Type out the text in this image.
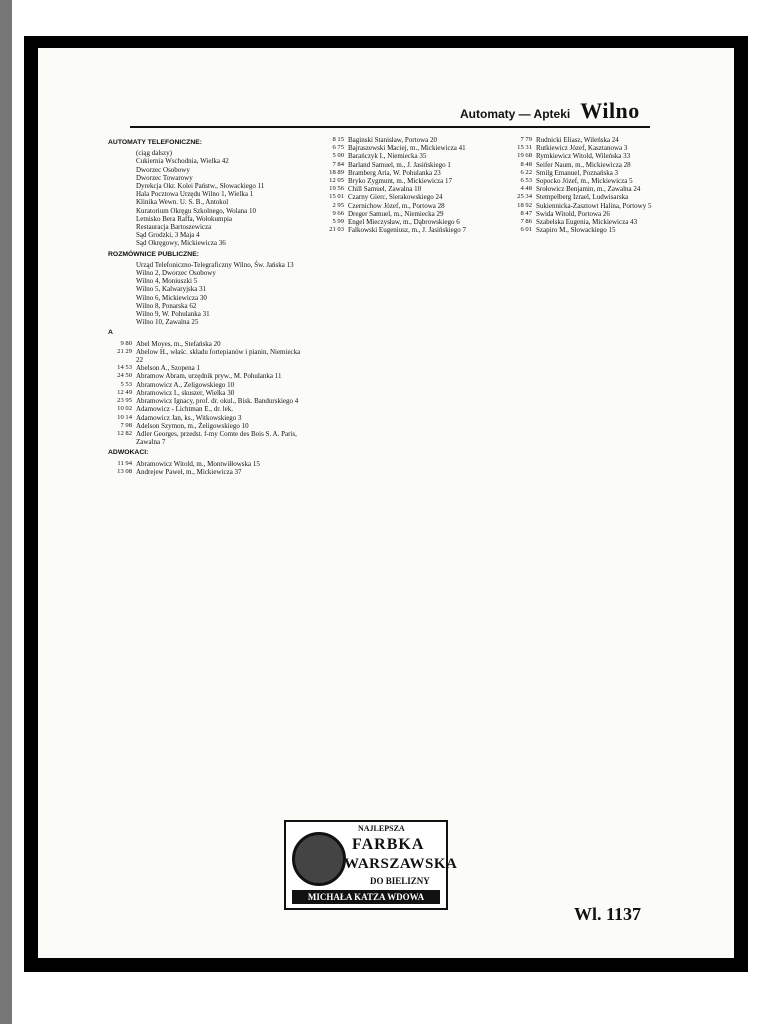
Automaty — Apteki Wilno
AUTOMATY TELEFONICZNE:
(ciąg dalszy)
Cukiernia Wschodnia, Wielka 42
Dworzec Osobowy
Dworzec Towarowy
Dyrekcja Okr. Kolei Państw., Słowackiego 11
Hala Pocztowa Urzędu Wilno 1, Wielka 1
Klinika Wewn. U. S. B., Antokol
Kuratorium Okręgu Szkolnego, Wolana 10
Letnisko Bera Raffa, Wołokumpia
Restauracja Bartoszewicza
Sąd Grodzki, 3 Maja 4
Sąd Okręgowy, Mickiewicza 36
ROZMÓWNICE PUBLICZNE:
Urząd Telefoniczno-Telegraficzny Wilno, Św. Jańska 13
Wilno 2, Dworzec Osobowy
Wilno 4, Moniuszki 5
Wilno 5, Kalwaryjska 31
Wilno 6, Mickiewicza 30
Wilno 8, Ponarska 62
Wilno 9, W. Pohulanka 31
Wilno 10, Zawalna 25
A
9 80 Abel Moyes, m., Stefańska 20
21 29 Abelow H., właśc. składu fortepianów i pianin, Niemiecka 22
14 53 Abelson A., Szopena 1
24 50 Abramow Abram, urzędnik pryw., M. Pohulanka 11
5 53 Abramowicz A., Zeligowskiego 10
12 49 Abramowicz I., skuszer, Wielka 30
23 95 Abramowicz Ignacy, prof. dr. okul., Bisk. Bandurskiego 4
10 02 Adamowicz - Lichtman E., dr. lek.
10 14 Adamowicz Jan, ks., Witkowskiego 3
7 98 Adelson Szymon, m., Żeligowskiego 10
12 82 Adler Georges, przedst. f-my Comte des Bois S. A. Paris, Zawalna 7
ADWOKACI:
11 94 Abramowicz Witold, m., Montwiłłowska 15
13 08 Andrejew Paweł, m., Mickiewicza 37
8 15 Baginski Stanisław, Portowa 20
6 75 Bajraszewski Maciej, m., Mickiewicza 41
5 00 Barańczyk I., Niemiecka 35
7 84 Barland Samuel, m., J. Jasińskiego 1
18 89 Bramberg Aria, W. Pohulanka 23
12 05 Bryko Zygmunt, m., Mickiewicza 17
19 56 Chill Samuel, Zawalna 10
15 01 Czarny Gierc, Sierakowskiego 24
2 95 Czernichow Józef, m., Portowa 28
9 66 Dreger Samuel, m., Niemiecka 29
5 99 Engel Mieczysław, m., Dąbrowskiego 6
21 03 Falkowski Eugeniusz, m., J. Jasińskiego 7
7 79 Rudnicki Eliasz, Wileńska 24
15 31 Rutkiewicz Józef, Kasztanowa 3
19 68 Rymkiewicz Witold, Wileńska 33
8 48 Seifer Naum, m., Mickiewicza 28
6 22 Smilg Emanuel, Poznańska 3
6 53 Sopocko Józef, m., Mickiewicza 5
4 48 Srołowicz Benjamin, m., Zawalna 24
25 34 Stempelberg Izrael, Ludwisarska
18 92 Sukiennicka-Zasztowt Halina, Portowy 5
8 47 Swida Witold, Portowa 26
7 86 Szabelska Eugenia, Mickiewicza 43
6 01 Szapiro M., Słowackiego 15
NAJLEPSZA
FARBKA
WARSZAWSKA
DO BIELIZNY
MICHAŁA KATZA WDOWA
Wl. 1137
